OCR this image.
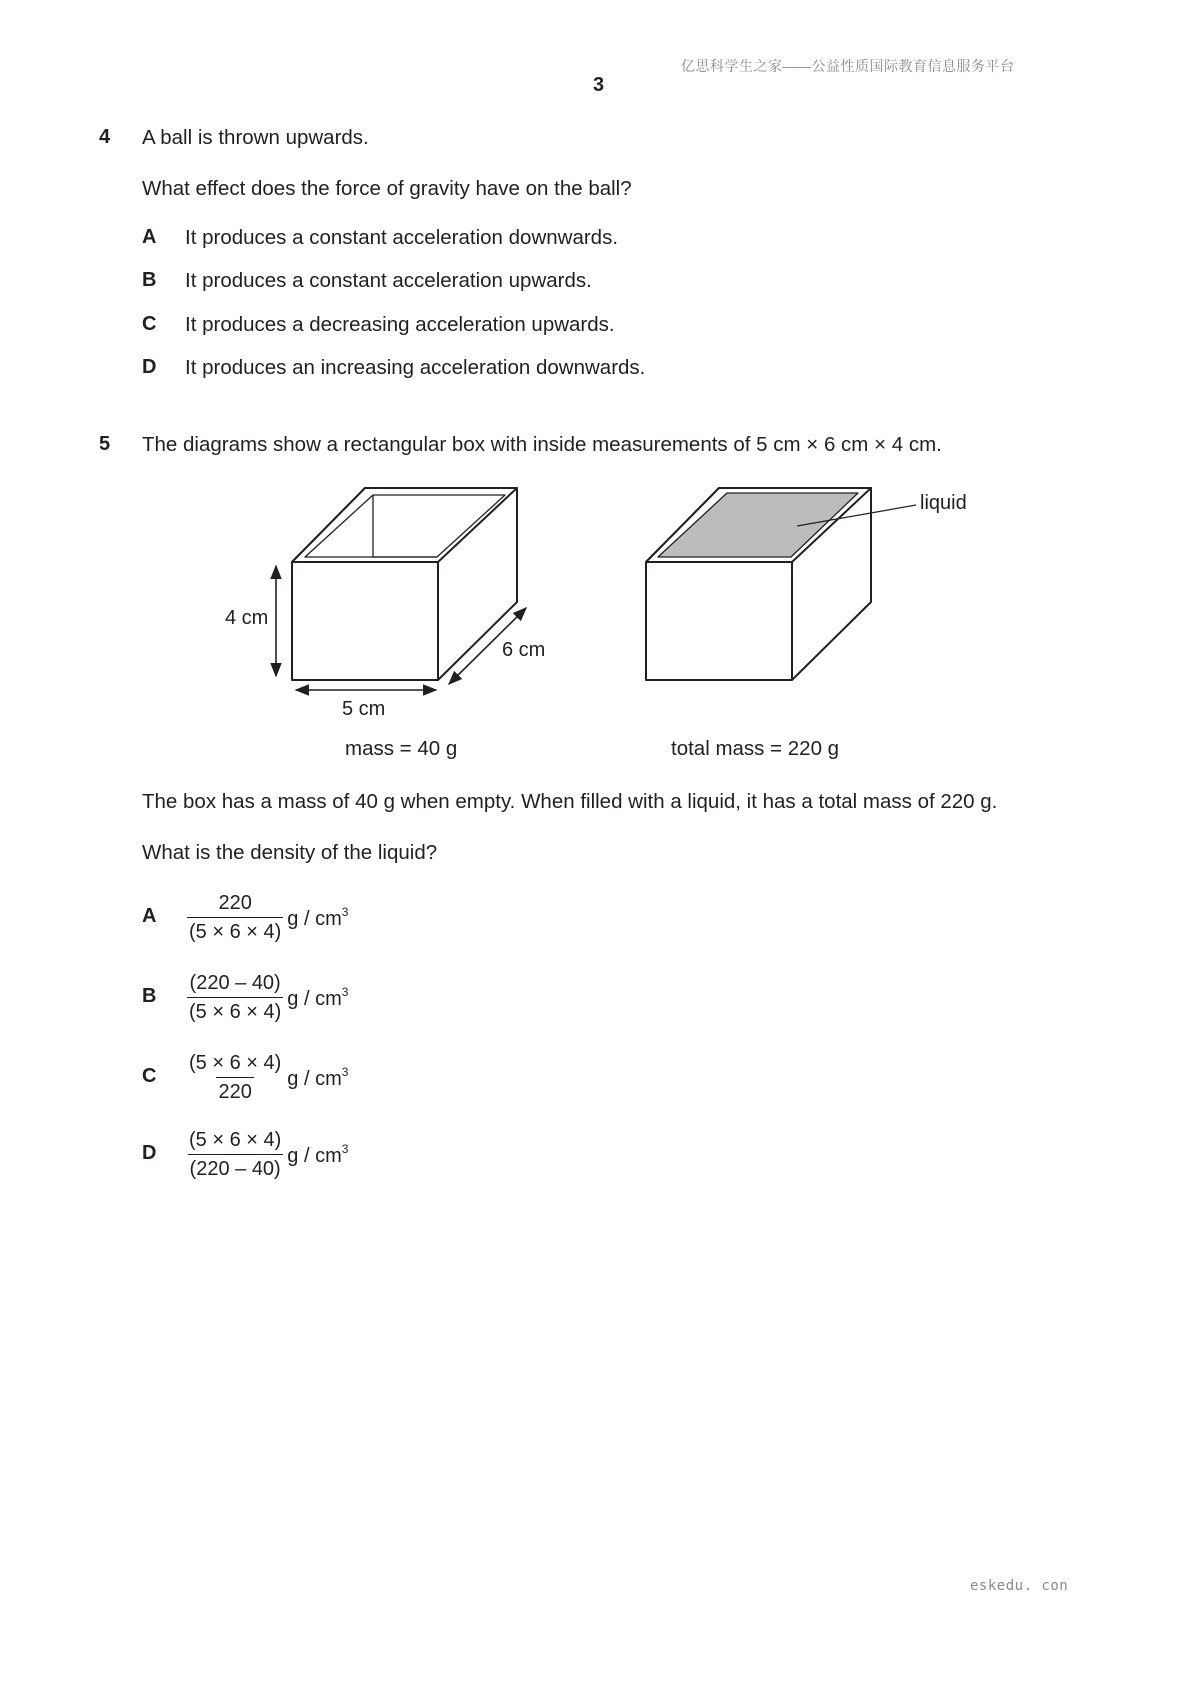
亿思科学生之家——公益性质国际教育信息服务平台
3
4 A ball is thrown upwards.
What effect does the force of gravity have on the ball?
A It produces a constant acceleration downwards.
B It produces a constant acceleration upwards.
C It produces a decreasing acceleration upwards.
D It produces an increasing acceleration downwards.
5 The diagrams show a rectangular box with inside measurements of 5 cm × 6 cm × 4 cm.
4 cm
6 cm
5 cm
mass = 40 g
liquid
total mass = 220 g
The box has a mass of 40 g when empty. When filled with a liquid, it has a total mass of 220 g.
What is the density of the liquid?
A $\frac{220}{(5 \times 6 \times 4)}$ g / $cm^3$
B $\frac{(220 - 40)}{(5 \times 6 \times 4)}$ g / $cm^3$
C $\frac{(5 \times 6 \times 4)}{220}$ g / $cm^3$
D $\frac{(5 \times 6 \times 4)}{(220 - 40)}$ g / $cm^3$
eskedu. con
